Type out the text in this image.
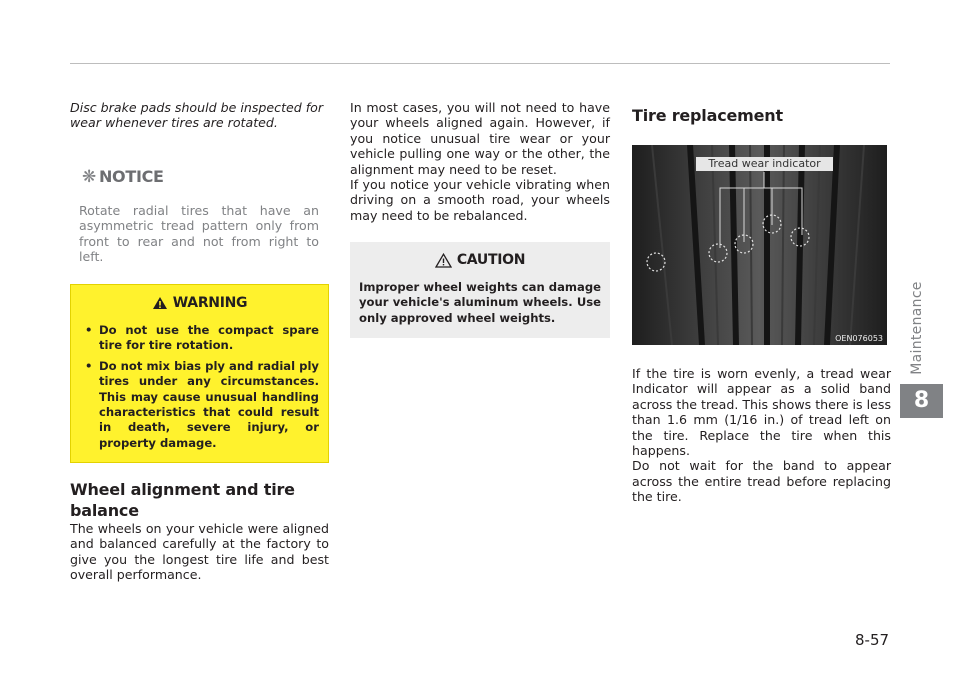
Disc brake pads should be inspected for wear whenever tires are rotated.

❋ NOTICE

Rotate radial tires that have an asymmetric tread pattern only from front to rear and not from right to left.

WARNING
• Do not use the compact spare tire for tire rotation.
• Do not mix bias ply and radial ply tires under any circumstances. This may cause unusual handling characteristics that could result in death, severe injury, or property damage.
Wheel alignment and tire balance

The wheels on your vehicle were aligned and balanced carefully at the factory to give you the longest tire life and best overall performance.

In most cases, you will not need to have your wheels aligned again. However, if you notice unusual tire wear or your vehicle pulling one way or the other, the alignment may need to be reset.

If you notice your vehicle vibrating when driving on a smooth road, your wheels may need to be rebalanced.

CAUTION

Improper wheel weights can damage your vehicle's aluminum wheels. Use only approved wheel weights.

Tire replacement
Tread wear indicator
OEN076053

If the tire is worn evenly, a tread wear Indicator will appear as a solid band across the tread. This shows there is less than 1.6 mm (1/16 in.) of tread left on the tire. Replace the tire when this happens.

Do not wait for the band to appear across the entire tread before replacing the tire.

Maintenance
8

8-57
